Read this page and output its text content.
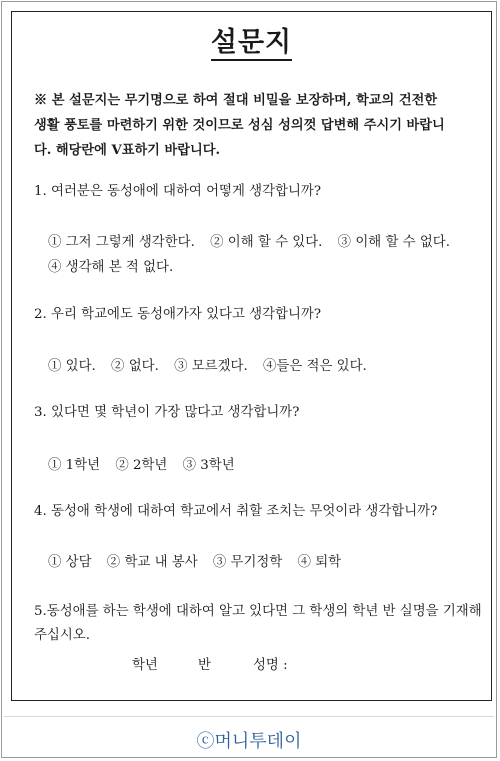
설문지
※ 본 설문지는 무기명으로 하여 절대 비밀을 보장하며, 학교의 건전한
생활 풍토를 마련하기 위한 것이므로 성심 성의껏 답변해 주시기 바랍니
다. 해당란에 V표하기 바랍니다.
1. 여러분은 동성애에 대하여 어떻게 생각합니까?
① 그저 그렇게 생각한다. ② 이해 할 수 있다. ③ 이해 할 수 없다.
④ 생각해 본 적 없다.
2. 우리 학교에도 동성애가자 있다고 생각합니까?
① 있다. ② 없다. ③ 모르겠다. ④들은 적은 있다.
3. 있다면 몇 학년이 가장 많다고 생각합니까?
① 1학년 ② 2학년 ③ 3학년
4. 동성애 학생에 대하여 학교에서 취할 조치는 무엇이라 생각합니까?
① 상담 ② 학교 내 봉사 ③ 무기정학 ④ 퇴학
5.동성애를 하는 학생에 대하여 알고 있다면 그 학생의 학년 반 실명을 기재해
주십시오.
학년	반	성명 :
ⓒ머니투데이
